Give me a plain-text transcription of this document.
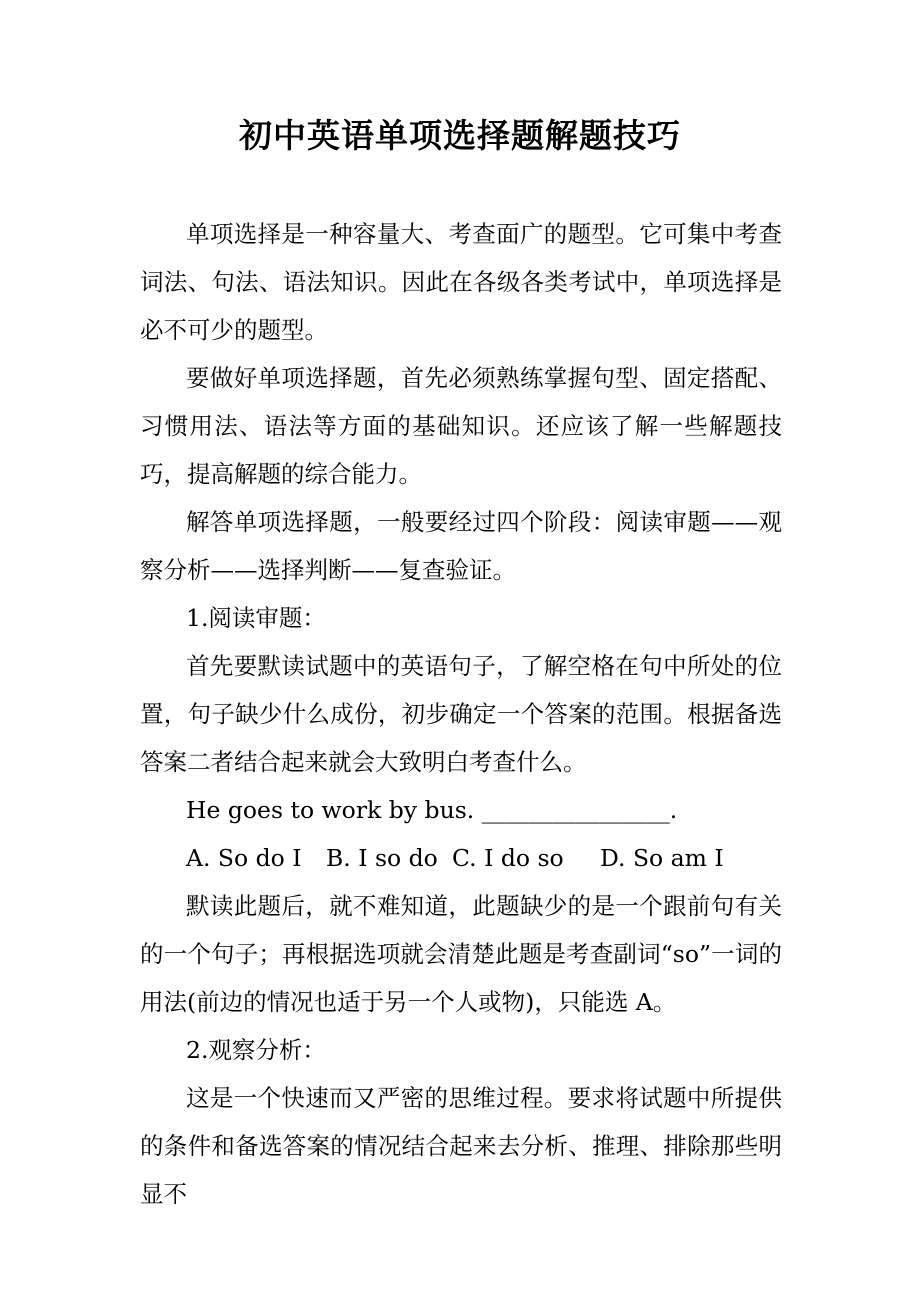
初中英语单项选择题解题技巧

单项选择是一种容量大、考查面广的题型。它可集中考查词法、句法、语法知识。因此在各级各类考试中，单项选择是必不可少的题型。

要做好单项选择题，首先必须熟练掌握句型、固定搭配、习惯用法、语法等方面的基础知识。还应该了解一些解题技巧，提高解题的综合能力。

解答单项选择题，一般要经过四个阶段：阅读审题——观察分析——选择判断——复查验证。

1.阅读审题：

首先要默读试题中的英语句子，了解空格在句中所处的位置，句子缺少什么成份，初步确定一个答案的范围。根据备选答案二者结合起来就会大致明白考查什么。

He goes to work by bus. ________________.

A. So do I	B. I so do C. I do so	D. So am I

默读此题后，就不难知道，此题缺少的是一个跟前句有关的一个句子；再根据选项就会清楚此题是考查副词“so”一词的用法(前边的情况也适于另一个人或物)，只能选 A。

2.观察分析：

这是一个快速而又严密的思维过程。要求将试题中所提供的条件和备选答案的情况结合起来去分析、推理、排除那些明显不
